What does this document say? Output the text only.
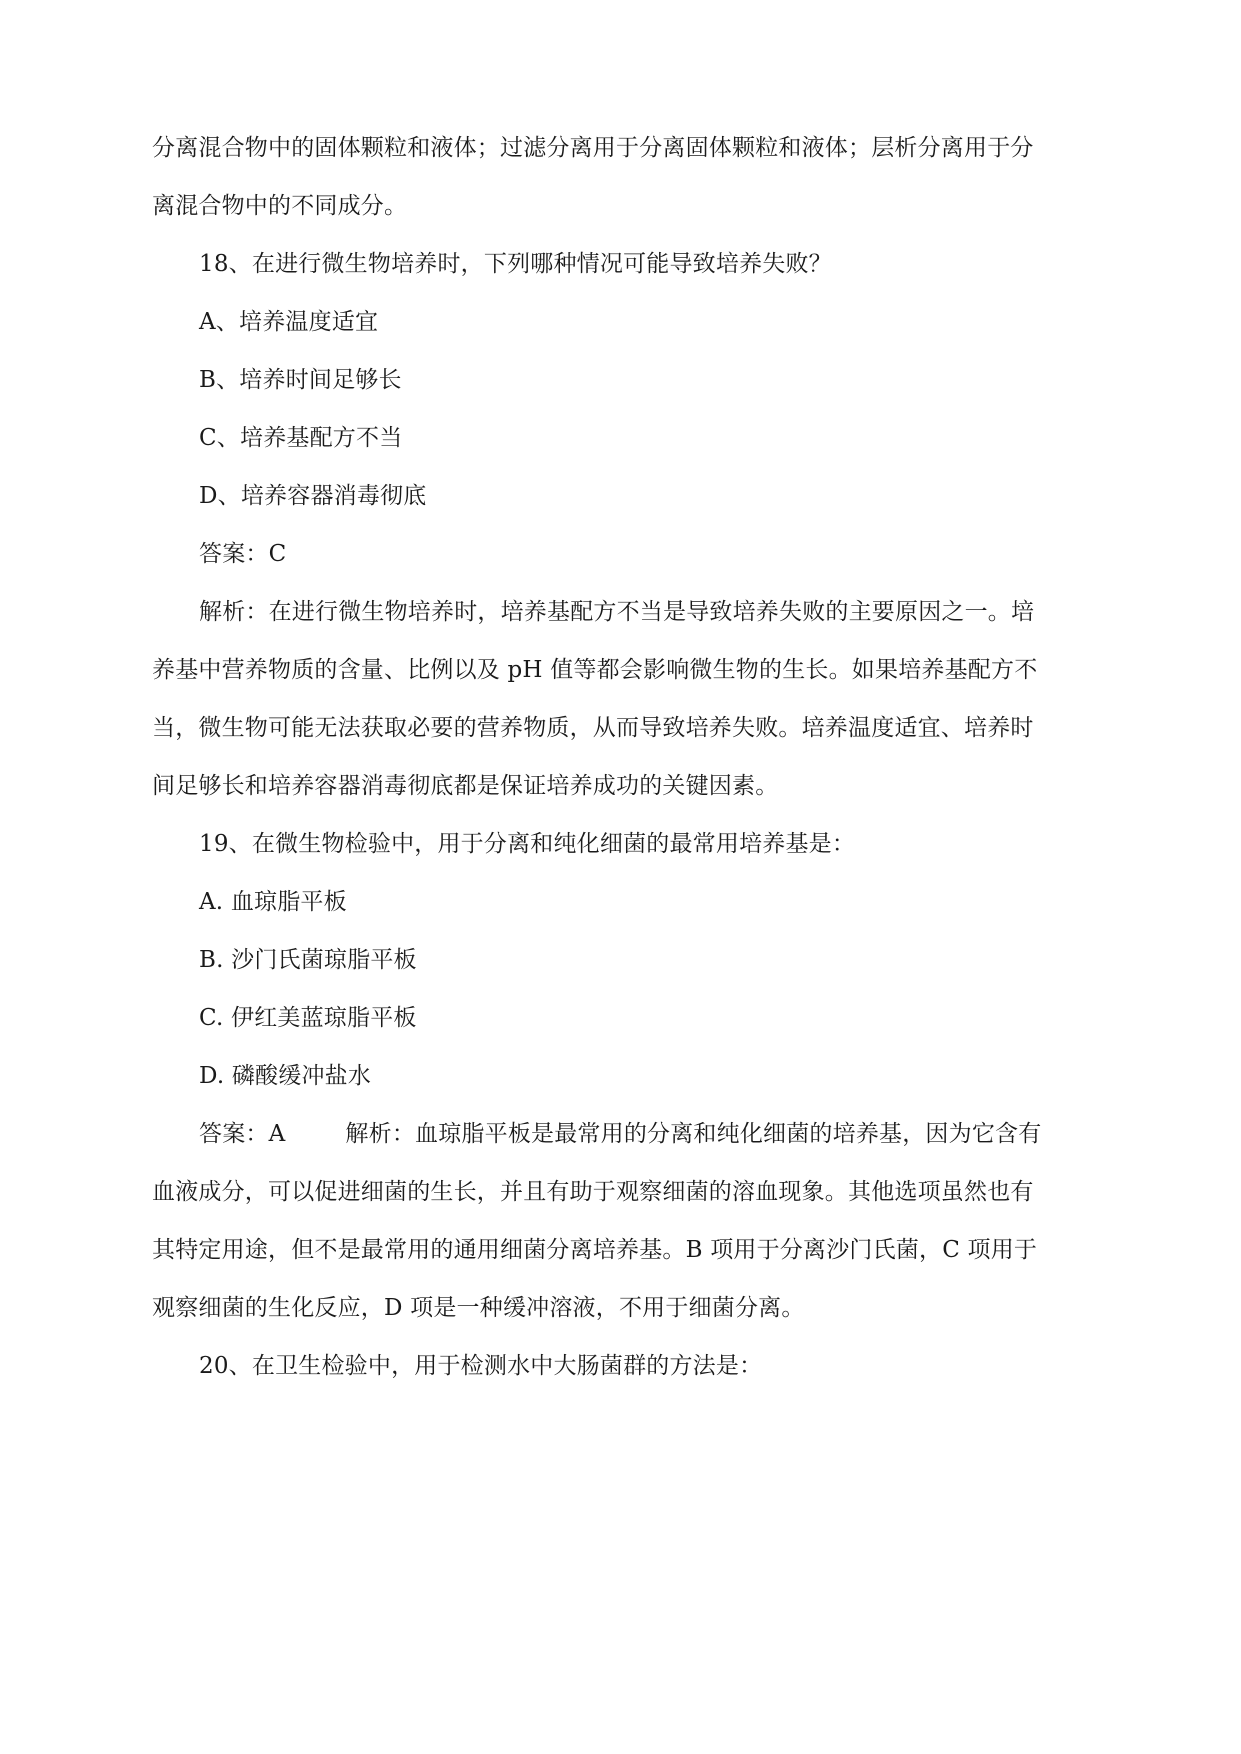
分离混合物中的固体颗粒和液体；过滤分离用于分离固体颗粒和液体；层析分离用于分
离混合物中的不同成分。
18、在进行微生物培养时，下列哪种情况可能导致培养失败？
A、培养温度适宜
B、培养时间足够长
C、培养基配方不当
D、培养容器消毒彻底
答案：C
解析：在进行微生物培养时，培养基配方不当是导致培养失败的主要原因之一。培
养基中营养物质的含量、比例以及 pH 值等都会影响微生物的生长。如果培养基配方不
当，微生物可能无法获取必要的营养物质，从而导致培养失败。培养温度适宜、培养时
间足够长和培养容器消毒彻底都是保证培养成功的关键因素。
19、在微生物检验中，用于分离和纯化细菌的最常用培养基是：
A. 血琼脂平板
B. 沙门氏菌琼脂平板
C. 伊红美蓝琼脂平板
D. 磷酸缓冲盐水
答案：A	解析：血琼脂平板是最常用的分离和纯化细菌的培养基，因为它含有
血液成分，可以促进细菌的生长，并且有助于观察细菌的溶血现象。其他选项虽然也有
其特定用途，但不是最常用的通用细菌分离培养基。B 项用于分离沙门氏菌，C 项用于
观察细菌的生化反应，D 项是一种缓冲溶液，不用于细菌分离。
20、在卫生检验中，用于检测水中大肠菌群的方法是：
